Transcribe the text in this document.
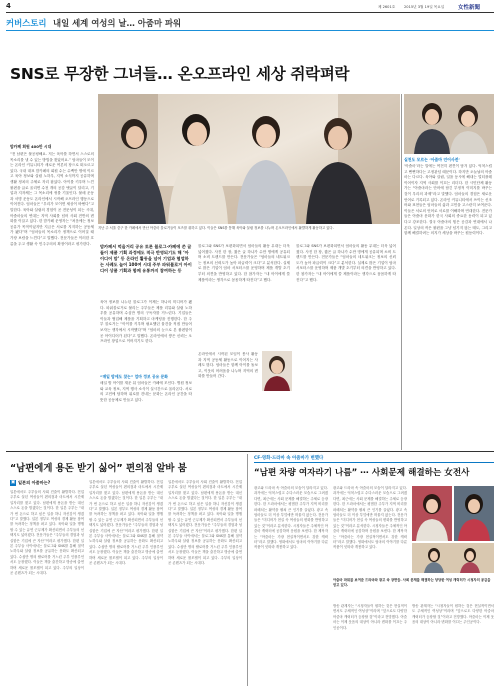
4	제 2601호 2015년 3월 19일 목요일 女性新聞
커버스토리 내일 세계 여성의 날… 아줌마 파워
SNS로 무장한 그녀들… 온오프라인 세상 쥐락펴락
맘카페 회원 400만 시대
“전 남편은 불공평해요. 저는 육아를 하면서 스스로의 목소리를 낼 수 있는 방법을 찾았어요.” 엄마들이 모이는 온라인 커뮤니티가 새로운 여론의 장으로 떠오르고 있다. 국내 대표 맘카페의 회원 수는 수백만 명에 이르고 육아 정보와 살림 노하우, 지역 소식까지 공유하며 생활 정치의 주체로 자리 잡았다. 아이를 키우며 느낀 불편을 글로 올리면 수천 개의 공감 댓글이 달리고, 기업과 지자체는 그 목소리에 귀를 기울인다. 불매 운동과 서명 운동도 온라인에서 시작해 오프라인 행동으로 이어진다. 엄마들은 “우리가 모이면 세상이 바뀐다”고 말한다. 육아와 살림의 경험이 곧 전문성이 되는 시대, 아줌마들의 연대는 지역 사회를 넘어 사회 전반의 변화를 이끌고 있다. 한 맘카페 운영자는 “처음에는 정보 공유가 목적이었지만 지금은 서로를 지지하는 공동체가 됐다”며 “엄마들의 목소리가 정책으로 이어질 때 가장 보람을 느낀다”고 말했다. 전문가들은 이러한 흐름을 두고 생활 속 민주주의의 확장이라고 평가한다.
지난 주 서울 중구 한 카페에서 만난 아줌마 블로거들이 포즈를 취하고 있다. 이들은 SNS를 통해 육아와 살림 정보를 나누며 온오프라인에서 활발하게 활동하고 있다.
맘카페서 먹을거리 공유 토론 블로그·카페에 쓴 글들이 제품 기획 과정에도 적극 반영되기도 해 ‘아이디어 맘’ 등 온라인 활동을 넘어 기업과 협업하는 사례도 늘어 100여 시대 주부 파워블로거 아이디어 상품 기획과 함께 유통까지 참여하는 등
육아 정보를 나누던 블로그가 이제는 하나의 미디어가 됐다. 파워블로거로 불리는 주부들은 제품 리뷰와 살림 노하우를 공유하며 수십만 명의 구독자를 거느린다. 기업들은 이들과 협업해 제품을 기획하고 마케팅을 진행한다. 한 주부 블로거는 “아이를 키우며 필요했던 물건을 직접 만들어 보자는 생각에서 시작했다”며 “엄마의 눈으로 본 불편함이 곧 아이디어가 된다”고 말했다. 온라인에서 쌓은 신뢰는 오프라인 창업으로 이어지기도 한다.
“매일 밤에도 찾는” 엄마 정보 공유 문화
매일 밤 아이를 재운 뒤 엄마들은 카페에 모인다. 병원 정보와 교육 정보, 지역 행사 소식이 실시간으로 올라온다. 서로의 고민에 답하며 위로를 건네는 문화는 온라인 공간을 따뜻한 공동체로 만들고 있다.
블로그와 SNS가 보편화되면서 엄마들의 활동 무대는 더욱 넓어졌다. 사진 한 장, 짧은 글 하나가 수만 명에게 공유되며 소비 트렌드를 만든다. 전문가들은 “엄마들의 네트워크는 정보의 신뢰도가 높아 파급력이 크다”고 분석한다. 실제로 많은 기업이 엄마 서포터스를 운영하며 제품 개발 초기부터 의견을 반영하고 있다. 한 참가자는 “내 아이에게 쓸 제품이라는 생각으로 꼼꼼하게 따진다”고 했다.
온라인에서 시작된 모임이 봉사 활동과 지역 공동체 활동으로 이어지는 사례도 많다. 엄마들은 함께 아이를 돌보고, 이웃의 어려움을 나누며 지역의 변화를 만들어 간다.
블로그와 SNS가 보편화되면서 엄마들의 활동 무대는 더욱 넓어졌다. 사진 한 장, 짧은 글 하나가 수만 명에게 공유되며 소비 트렌드를 만든다. 전문가들은 “엄마들의 네트워크는 정보의 신뢰도가 높아 파급력이 크다”고 분석한다. 실제로 많은 기업이 엄마 서포터스를 운영하며 제품 개발 초기부터 의견을 반영하고 있다. 한 참가자는 “내 아이에게 쓸 제품이라는 생각으로 꼼꼼하게 따진다”고 했다.
실천도 모르는 ‘아줌마 언어사전’
‘아줌마’라는 말에는 여전히 편견이 담겨 있다. 억척스럽고 뻔뻔하다는 고정관념 때문이다. 하지만 오늘날의 아줌마는 다르다. 육아와 살림, 일을 동시에 해내는 멀티플레이어이자 지역 사회를 이끄는 리더다. 한 시민단체 활동가는 “아줌마라는 단어에 담긴 부정적 이미지를 바꾸는 것이 우리의 과제”라고 말했다. 엄마들의 경험은 새로운 언어로 기록되고 있다. 온라인 커뮤니티에서 쓰이는 신조어와 표현들은 엄마들의 삶과 고민을 고스란히 보여준다. 이들은 서로의 언어로 서로를 이해하며 연대한다. 전문가들은 아줌마 문화가 한국 사회의 중요한 동력이 되고 있다고 강조한다. 결국 아줌마의 힘은 공감과 연대에서 나온다. 일상의 작은 불편을 그냥 넘기지 않는 태도, 그리고 함께 해결하려는 의지가 세상을 바꾸는 원동력이다.
“남편에게 용돈 받기 싫어” 편의점 알바 붐
▣ 일본의 아줌마는?
일본에서도 주부들의 사회 진출이 활발하다. 전업주부로 살던 여성들이 편의점과 마트에서 시간제 일자리를 찾고 있다. 남편에게 용돈을 받는 대신 스스로 돈을 벌겠다는 것이다. 한 일본 주부는 “내가 번 돈으로 하고 싶은 일을 하니 자신감이 생겼다”고 말했다. 일본 정부도 여성의 경제 활동 참여를 독려하는 정책을 펴고 있다. 육아와 일을 병행할 수 있는 유연 근무제가 확산되면서 주부들의 선택지도 넓어졌다. 전문가들은 “주부들의 경험과 성실함은 기업에 큰 자산”이라고 평가했다. 한편 일본 주부들 사이에서는 블로그와 SNS를 통해 절약 노하우와 살림 정보를 공유하는 문화도 확산되고 있다. 수십만 명의 팔로어를 거느린 주부 인플루언서도 등장했다. 이들은 책을 출간하고 방송에 출연하며 새로운 롤모델이 되고 있다. 주부의 일상이 곧 콘텐츠가 되는 시대다.
일본에서도 주부들의 사회 진출이 활발하다. 전업주부로 살던 여성들이 편의점과 마트에서 시간제 일자리를 찾고 있다. 남편에게 용돈을 받는 대신 스스로 돈을 벌겠다는 것이다. 한 일본 주부는 “내가 번 돈으로 하고 싶은 일을 하니 자신감이 생겼다”고 말했다. 일본 정부도 여성의 경제 활동 참여를 독려하는 정책을 펴고 있다. 육아와 일을 병행할 수 있는 유연 근무제가 확산되면서 주부들의 선택지도 넓어졌다. 전문가들은 “주부들의 경험과 성실함은 기업에 큰 자산”이라고 평가했다. 한편 일본 주부들 사이에서는 블로그와 SNS를 통해 절약 노하우와 살림 정보를 공유하는 문화도 확산되고 있다. 수십만 명의 팔로어를 거느린 주부 인플루언서도 등장했다. 이들은 책을 출간하고 방송에 출연하며 새로운 롤모델이 되고 있다. 주부의 일상이 곧 콘텐츠가 되는 시대다.
일본에서도 주부들의 사회 진출이 활발하다. 전업주부로 살던 여성들이 편의점과 마트에서 시간제 일자리를 찾고 있다. 남편에게 용돈을 받는 대신 스스로 돈을 벌겠다는 것이다. 한 일본 주부는 “내가 번 돈으로 하고 싶은 일을 하니 자신감이 생겼다”고 말했다. 일본 정부도 여성의 경제 활동 참여를 독려하는 정책을 펴고 있다. 육아와 일을 병행할 수 있는 유연 근무제가 확산되면서 주부들의 선택지도 넓어졌다. 전문가들은 “주부들의 경험과 성실함은 기업에 큰 자산”이라고 평가했다. 한편 일본 주부들 사이에서는 블로그와 SNS를 통해 절약 노하우와 살림 정보를 공유하는 문화도 확산되고 있다. 수십만 명의 팔로어를 거느린 주부 인플루언서도 등장했다. 이들은 책을 출간하고 방송에 출연하며 새로운 롤모델이 되고 있다. 주부의 일상이 곧 콘텐츠가 되는 시대다.
CF·영화·드라마 속 아줌마가 변했다
“남편 차량 여자라기 나름” ⋯ 사회문제 해결하는 女전사
광고와 드라마 속 아줌마의 모습이 달라지고 있다. 과거에는 억척스럽고 수다스러운 모습으로 그려졌다면, 최근에는 사회 문제를 해결하는 주체로 등장한다. 한 드라마에서는 평범한 주부가 지역 비리를 파헤치는 활약을 펼쳐 큰 인기를 끌었다. 광고 속 엄마들도 더 이상 부엌에만 머물지 않는다. 전문가들은 “미디어가 현실 속 여성들의 변화를 반영하고 있는 것”이라고 분석한다. 시청자들은 주체적인 아줌마 캐릭터에 공감하며 응원을 보낸다. 한 제작자는 “아줌마는 가장 현실적이면서도 강한 캐릭터”라고 말했다. 영화에서도 엄마의 이야기를 다룬 작품이 잇따라 개봉하고 있다.
광고와 드라마 속 아줌마의 모습이 달라지고 있다. 과거에는 억척스럽고 수다스러운 모습으로 그려졌다면, 최근에는 사회 문제를 해결하는 주체로 등장한다. 한 드라마에서는 평범한 주부가 지역 비리를 파헤치는 활약을 펼쳐 큰 인기를 끌었다. 광고 속 엄마들도 더 이상 부엌에만 머물지 않는다. 전문가들은 “미디어가 현실 속 여성들의 변화를 반영하고 있는 것”이라고 분석한다. 시청자들은 주체적인 아줌마 캐릭터에 공감하며 응원을 보낸다. 한 제작자는 “아줌마는 가장 현실적이면서도 강한 캐릭터”라고 말했다. 영화에서도 엄마의 이야기를 다룬 작품이 잇따라 개봉하고 있다.
아줌마 파워를 보여준 드라마와 광고 속 장면들. 사회 문제를 해결하는 당당한 여성 캐릭터가 시청자의 공감을 얻고 있다.
방송 관계자는 “시청자들이 원하는 것은 현실적이면서도 주체적인 여성상”이라며 “앞으로도 다양한 아줌마 캐릭터가 등장할 것”이라고 전망했다. 아줌마는 이제 웃음의 대상이 아니라 변화를 이끄는 주인공이다.
방송 관계자는 “시청자들이 원하는 것은 현실적이면서도 주체적인 여성상”이라며 “앞으로도 다양한 아줌마 캐릭터가 등장할 것”이라고 전망했다. 아줌마는 이제 웃음의 대상이 아니라 변화를 이끄는 주인공이다.
